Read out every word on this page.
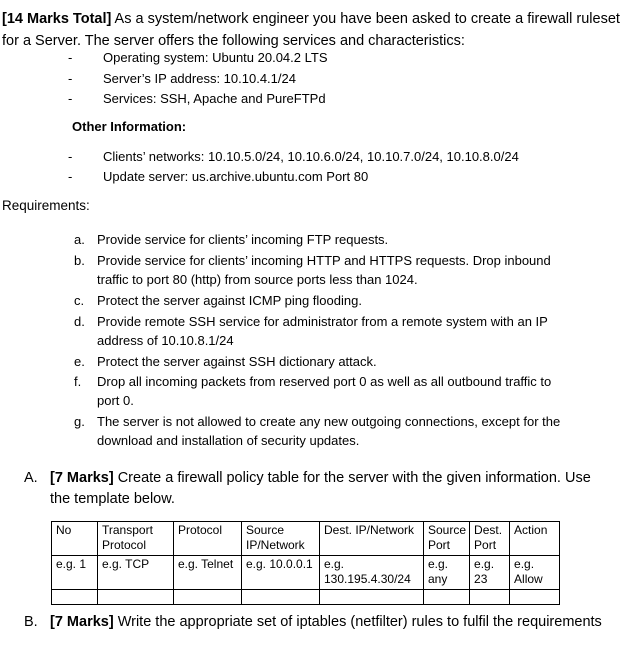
[14 Marks Total] As a system/network engineer you have been asked to create a firewall ruleset for a Server. The server offers the following services and characteristics:
- Operating system: Ubuntu 20.04.2 LTS
- Server’s IP address: 10.10.4.1/24
- Services: SSH, Apache and PureFTPd
Other Information:
- Clients’ networks: 10.10.5.0/24, 10.10.6.0/24, 10.10.7.0/24, 10.10.8.0/24
- Update server: us.archive.ubuntu.com Port 80
Requirements:
a. Provide service for clients’ incoming FTP requests.
b. Provide service for clients’ incoming HTTP and HTTPS requests. Drop inbound traffic to port 80 (http) from source ports less than 1024.
c. Protect the server against ICMP ping flooding.
d. Provide remote SSH service for administrator from a remote system with an IP address of 10.10.8.1/24
e. Protect the server against SSH dictionary attack.
f.	Drop all incoming packets from reserved port 0 as well as all outbound traffic to port 0.
g. The server is not allowed to create any new outgoing connections, except for the download and installation of security updates.
A. [7 Marks] Create a firewall policy table for the server with the given information. Use the template below.
No	Transport Protocol	Protocol	Source IP/Network	Dest. IP/Network	Source Port	Dest. Port	Action
e.g. 1	e.g. TCP	e.g. Telnet	e.g. 10.0.0.1	e.g. 130.195.4.30/24	e.g. any	e.g. 23	e.g. Allow

B. [7 Marks] Write the appropriate set of iptables (netfilter) rules to fulfil the requirements
